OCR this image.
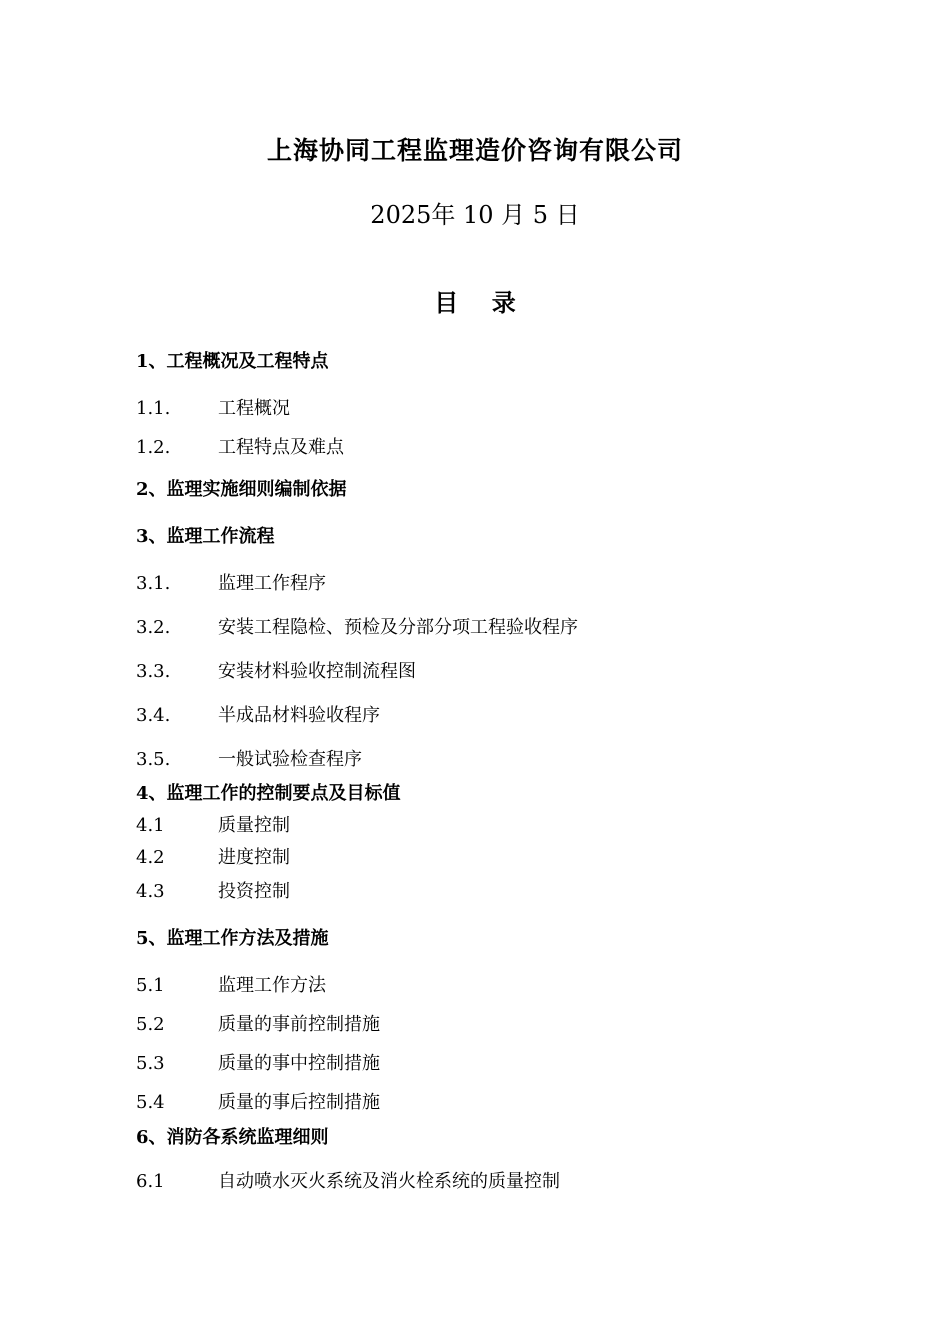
上海协同工程监理造价咨询有限公司
2025年 10 月 5 日
目    录
1、工程概况及工程特点
1.1.	工程概况
1.2.	工程特点及难点
2、监理实施细则编制依据
3、监理工作流程
3.1.	监理工作程序
3.2.	安装工程隐检、预检及分部分项工程验收程序
3.3.	安装材料验收控制流程图
3.4.	半成品材料验收程序
3.5.	一般试验检查程序
4、监理工作的控制要点及目标值
4.1	质量控制
4.2	进度控制
4.3	投资控制
5、监理工作方法及措施
5.1	监理工作方法
5.2	质量的事前控制措施
5.3	质量的事中控制措施
5.4	质量的事后控制措施
6、消防各系统监理细则
6.1	自动喷水灭火系统及消火栓系统的质量控制
